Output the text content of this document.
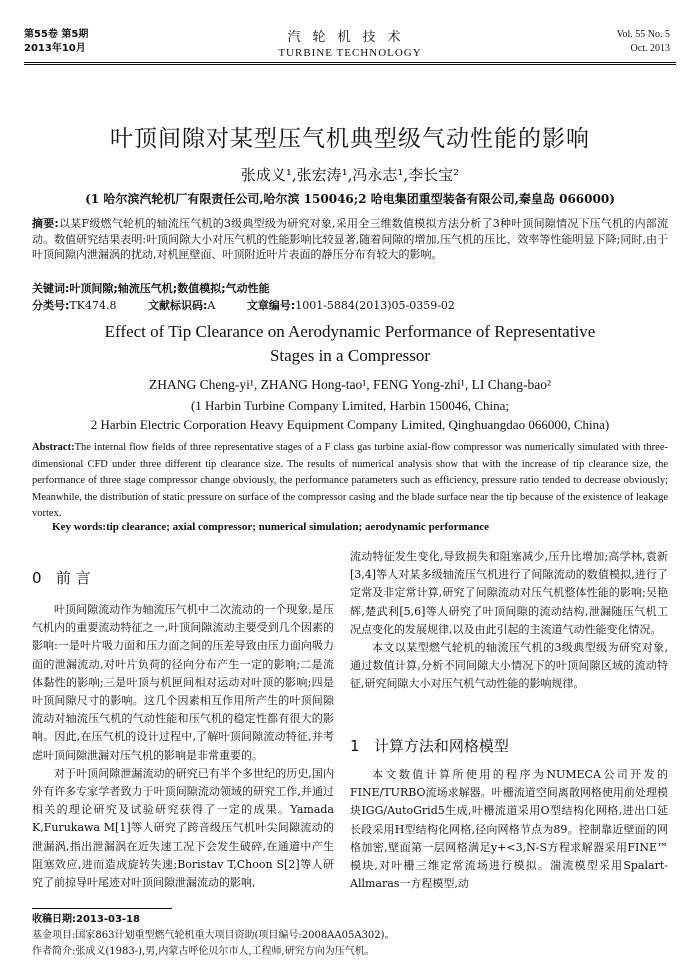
第55卷 第5期
2013年10月
汽轮机技术
TURBINE TECHNOLOGY
Vol. 55 No. 5
Oct. 2013
叶顶间隙对某型压气机典型级气动性能的影响
张成义¹,张宏涛¹,冯永志¹,李长宝²
(1 哈尔滨汽轮机厂有限责任公司,哈尔滨 150046;2 哈电集团重型装备有限公司,秦皇岛 066000)
摘要:以某F级燃气轮机的轴流压气机的3级典型级为研究对象,采用全三维数值模拟方法分析了3种叶顶间隙情况下压气机的内部流动。数值研究结果表明:叶顶间隙大小对压气机的性能影响比较显著,随着间隙的增加,压气机的压比、效率等性能明显下降;同时,由于叶顶间隙内泄漏涡的扰动,对机匣壁面、叶顶附近叶片表面的静压分布有较大的影响。
关键词:叶顶间隙;轴流压气机;数值模拟;气动性能
分类号:TK474.8	文献标识码:A	文章编号:1001-5884(2013)05-0359-02
Effect of Tip Clearance on Aerodynamic Performance of Representative
Stages in a Compressor
ZHANG Cheng-yi¹, ZHANG Hong-tao¹, FENG Yong-zhi¹, LI Chang-bao²
(1 Harbin Turbine Company Limited, Harbin 150046, China;
2 Harbin Electric Corporation Heavy Equipment Company Limited, Qinghuangdao 066000, China)
Abstract:The internal flow fields of three representative stages of a F class gas turbine axial-flow compressor was numerically simulated with three-dimensional CFD under three different tip clearance size. The results of numerical analysis show that with the increase of tip clearance size, the performance of three stage compressor change obviously, the performance parameters such as efficiency, pressure ratio tended to decrease obviously; Meanwhile, the distribution of static pressure on surface of the compressor casing and the blade surface near the tip because of the existence of leakage vortex.
Key words:tip clearance; axial compressor; numerical simulation; aerodynamic performance
0 前 言

叶顶间隙流动作为轴流压气机中二次流动的一个现象,是压气机内的重要流动特征之一,叶顶间隙流动主要受到几个因素的影响:一是叶片吸力面和压力面之间的压差导致由压力面向吸力面的泄漏流动,对叶片负荷的径向分布产生一定的影响;二是流体黏性的影响;三是叶顶与机匣间相对运动对叶顶的影响;四是叶顶间隙尺寸的影响。这几个因素相互作用所产生的叶顶间隙流动对轴流压气机的气动性能和压气机的稳定性都有很大的影响。因此,在压气机的设计过程中,了解叶顶间隙流动特征,并考虑叶顶间隙泄漏对压气机的影响是非常重要的。

对于叶顶间隙泄漏流动的研究已有半个多世纪的历史,国内外有许多专家学者致力于叶顶间隙流动领域的研究工作,并通过相关的理论研究及试验研究获得了一定的成果。Yamada K,Furukawa M[1]等人研究了跨音级压气机叶尖间隙流动的泄漏涡,指出泄漏涡在近失速工况下会发生破碎,在通道中产生阻塞效应,进而造成旋转失速;Boristav T,Choon S[2]等人研究了前掠导叶尾迹对叶顶间隙泄漏流动的影响,

流动特征发生变化,导致损失和阻塞减少,压升比增加;高学林,袁新[3,4]等人对某多级轴流压气机进行了间隙流动的数值模拟,进行了定常及非定常计算,研究了间隙流动对压气机整体性能的影响;吴艳辉,楚武利[5,6]等人研究了叶顶间隙的流动结构,泄漏随压气机工况点变化的发展规律,以及由此引起的主流道气动性能变化情况。

本文以某型燃气轮机的轴流压气机的3级典型级为研究对象,通过数值计算,分析不同间隙大小情况下的叶顶间隙区域的流动特征,研究间隙大小对压气机气动性能的影响规律。

1 计算方法和网格模型

本文数值计算所使用的程序为NUMECA公司开发的FINE/TURBO流场求解器。叶栅流道空间离散网格使用前处理模块IGG/AutoGrid5生成,叶栅流道采用O型结构化网格,进出口延长段采用H型结构化网格,径向网格节点为89。控制靠近壁面的网格加密,壁面第一层网格满足y+<3,N-S方程求解器采用FINE™模块,对叶栅三维定常流场进行模拟。湍流模型采用Spalart-Allmaras一方程模型,动

收稿日期:2013-03-18
基金项目:国家863计划重型燃气轮机重大项目资助(项目编号:2008AA05A302)。
作者简介:张成义(1983-),男,内蒙古呼伦贝尔市人,工程师,研究方向为压气机。
